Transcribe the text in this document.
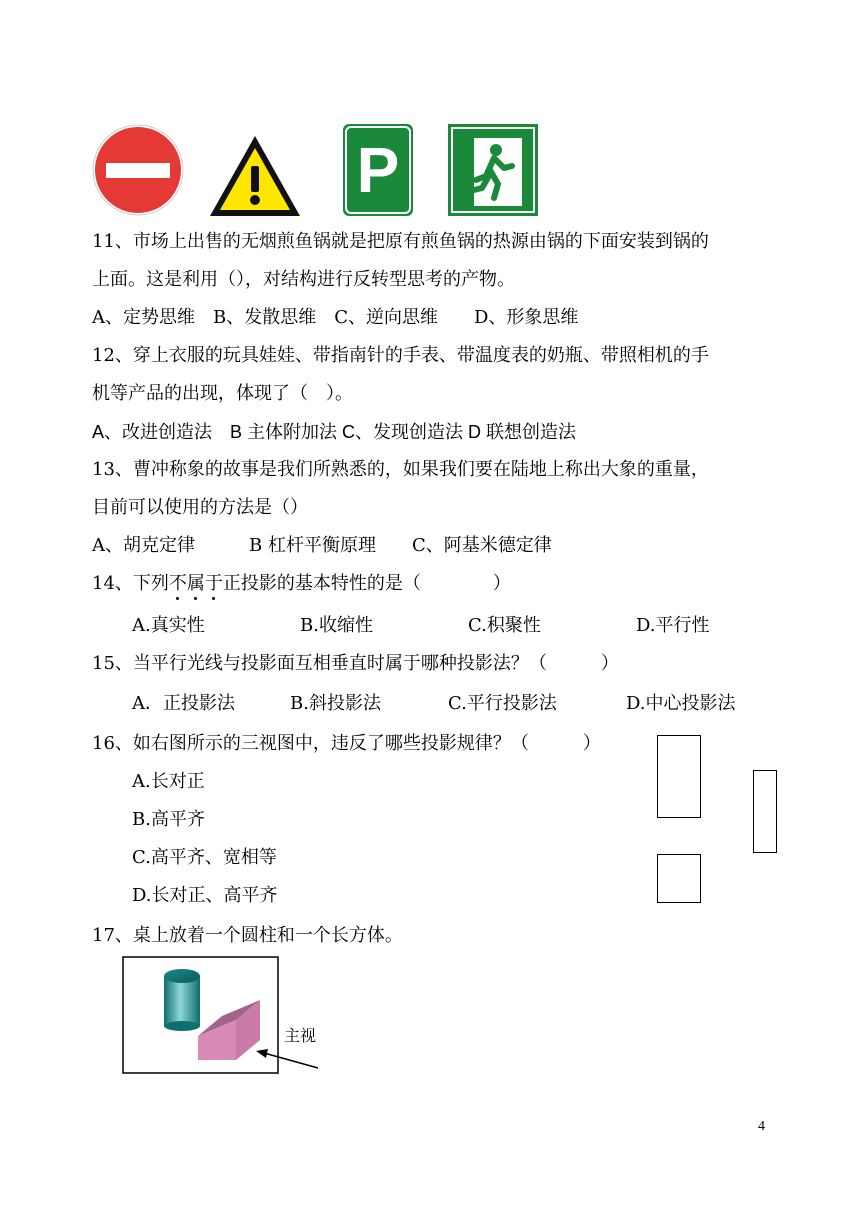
P
11、市场上出售的无烟煎鱼锅就是把原有煎鱼锅的热源由锅的下面安装到锅的
上面。这是利用（），对结构进行反转型思考的产物。
A、定势思维　B、发散思维　C、逆向思维　　D、形象思维
12、穿上衣服的玩具娃娃、带指南针的手表、带温度表的奶瓶、带照相机的手
机等产品的出现，体现了（　）。
A、改进创造法　B 主体附加法 C、发现创造法 D 联想创造法
13、曹冲称象的故事是我们所熟悉的，如果我们要在陆地上称出大象的重量，
目前可以使用的方法是（）
A、胡克定律　　　B 杠杆平衡原理　　C、阿基米德定律
14、下列不属于正投影的基本特性的是（　　　　）
A.真实性	B.收缩性	C.积聚性	D.平行性
15、当平行光线与投影面互相垂直时属于哪种投影法？（　　　）
A．正投影法	B.斜投影法	C.平行投影法	D.中心投影法
16、如右图所示的三视图中，违反了哪些投影规律？（　　　）
A.长对正
B.高平齐
C.高平齐、宽相等
D.长对正、高平齐
17、桌上放着一个圆柱和一个长方体。
主视
4
